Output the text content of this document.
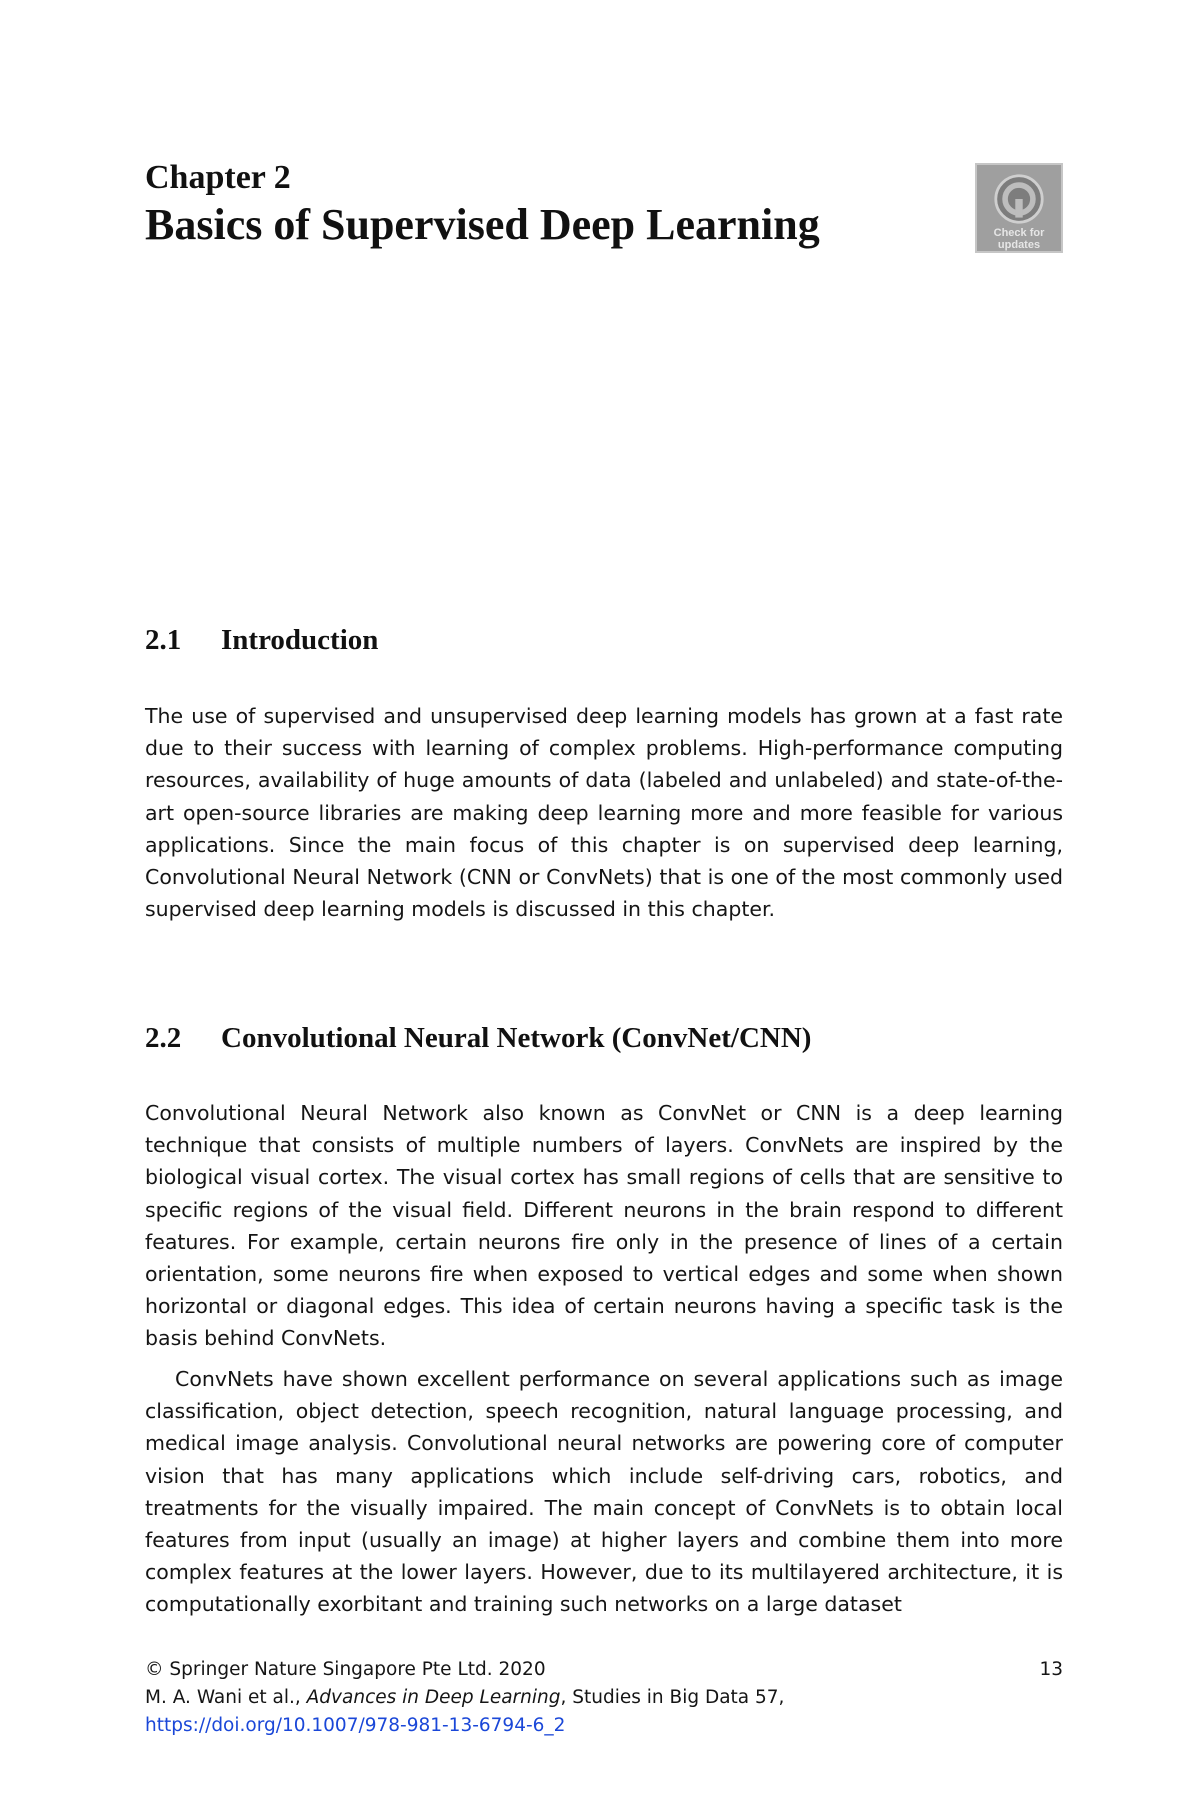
Chapter 2
Basics of Supervised Deep Learning	Check for updates
2.1 Introduction

The use of supervised and unsupervised deep learning models has grown at a fast rate due to their success with learning of complex problems. High-performance computing resources, availability of huge amounts of data (labeled and unlabeled) and state-of-the-art open-source libraries are making deep learning more and more feasible for various applications. Since the main focus of this chapter is on supervised deep learning, Convolutional Neural Network (CNN or ConvNets) that is one of the most commonly used supervised deep learning models is discussed in this chapter.

2.2 Convolutional Neural Network (ConvNet/CNN)

Convolutional Neural Network also known as ConvNet or CNN is a deep learning technique that consists of multiple numbers of layers. ConvNets are inspired by the biological visual cortex. The visual cortex has small regions of cells that are sensitive to specific regions of the visual field. Different neurons in the brain respond to different features. For example, certain neurons fire only in the presence of lines of a certain orientation, some neurons fire when exposed to vertical edges and some when shown horizontal or diagonal edges. This idea of certain neurons having a specific task is the basis behind ConvNets.

ConvNets have shown excellent performance on several applications such as image classification, object detection, speech recognition, natural language processing, and medical image analysis. Convolutional neural networks are powering core of computer vision that has many applications which include self-driving cars, robotics, and treatments for the visually impaired. The main concept of ConvNets is to obtain local features from input (usually an image) at higher layers and combine them into more complex features at the lower layers. However, due to its multilayered architecture, it is computationally exorbitant and training such networks on a large dataset

© Springer Nature Singapore Pte Ltd. 2020	13
M. A. Wani et al., Advances in Deep Learning, Studies in Big Data 57,
https://doi.org/10.1007/978-981-13-6794-6_2
